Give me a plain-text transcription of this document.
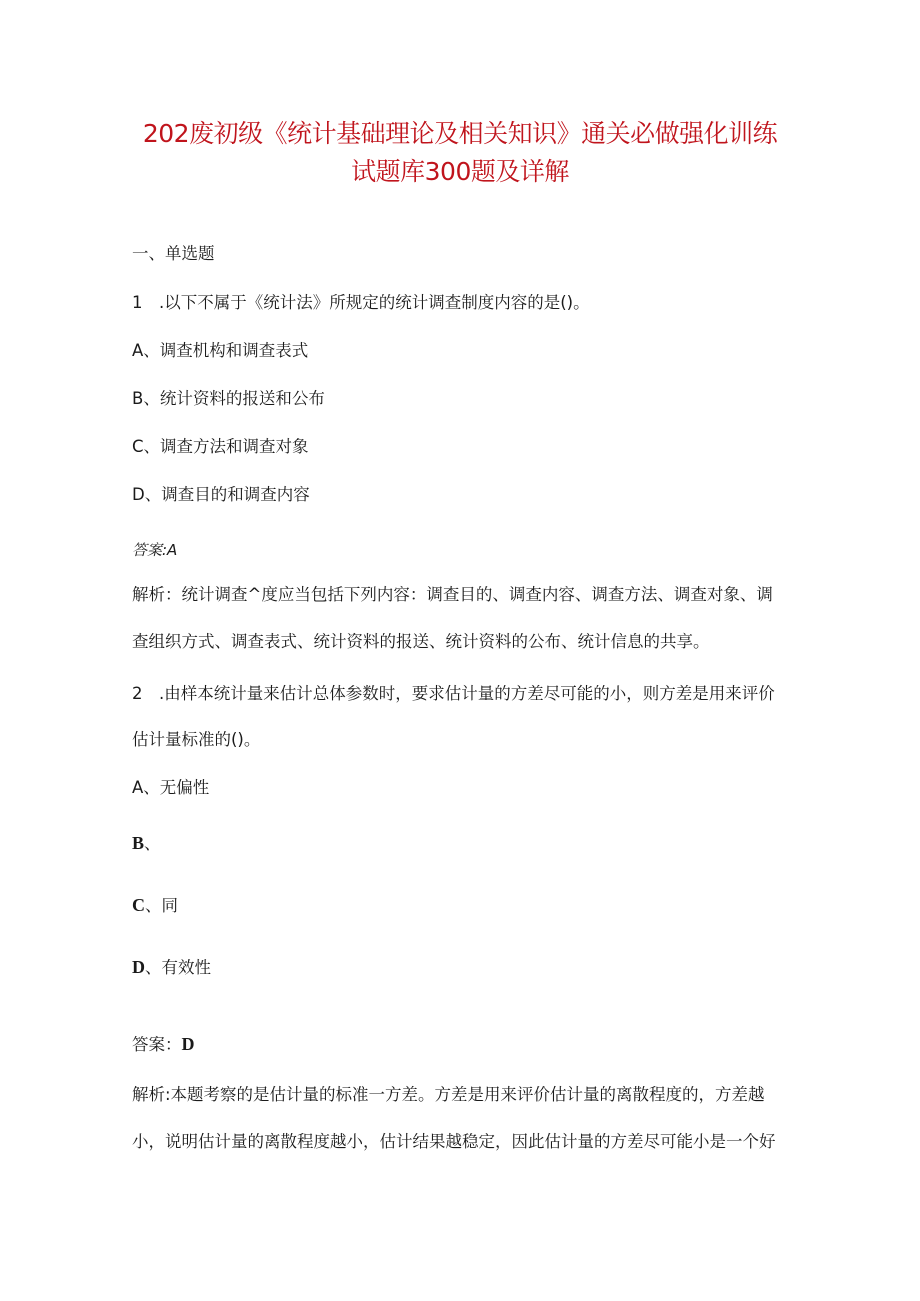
202废初级《统计基础理论及相关知识》通关必做强化训练
试题库300题及详解
一、单选题
1 .以下不属于《统计法》所规定的统计调查制度内容的是()。
A、调查机构和调查表式
B、统计资料的报送和公布
C、调查方法和调查对象
D、调查目的和调查内容
答案:A
解析：统计调查^度应当包括下列内容：调查目的、调查内容、调查方法、调查对象、调
查组织方式、调查表式、统计资料的报送、统计资料的公布、统计信息的共享。
2 .由样本统计量来估计总体参数时，要求估计量的方差尽可能的小，则方差是用来评价
估计量标准的()。
A、无偏性
B、
C、同
D、有效性
答案：D
解析:本题考察的是估计量的标准一方差。方差是用来评价估计量的离散程度的，方差越
小，说明估计量的离散程度越小，估计结果越稳定，因此估计量的方差尽可能小是一个好
